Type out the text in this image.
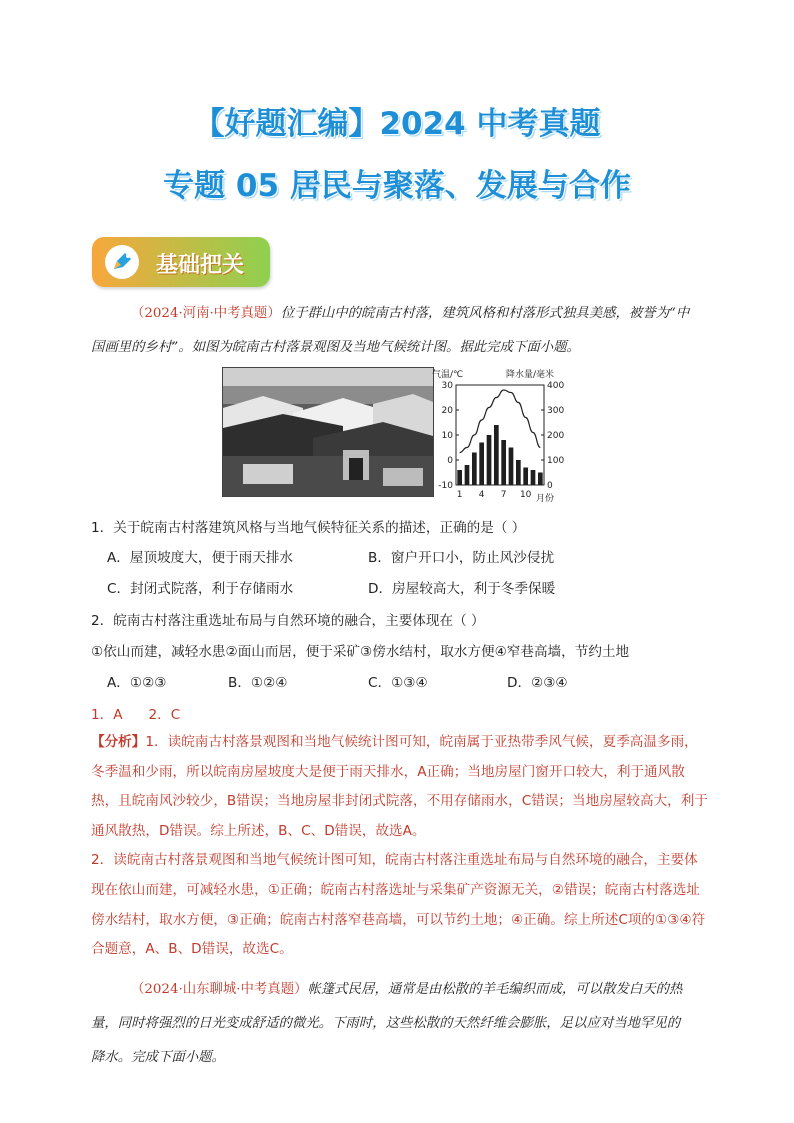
【好题汇编】2024 中考真题
专题 05 居民与聚落、发展与合作
基础把关
（2024·河南·中考真题）位于群山中的皖南古村落，建筑风格和村落形式独具美感，被誉为“中
国画里的乡村”。如图为皖南古村落景观图及当地气候统计图。据此完成下面小题。
气温/℃	降水量/毫米
30
20
10
0
-10
400
300
200
100
0
1 4 7 10 月份
1．关于皖南古村落建筑风格与当地气候特征关系的描述，正确的是（ ）
A．屋顶坡度大，便于雨天排水	B．窗户开口小，防止风沙侵扰
C．封闭式院落，利于存储雨水	D．房屋较高大，利于冬季保暖
2．皖南古村落注重选址布局与自然环境的融合，主要体现在（ ）
①依山而建，减轻水患②面山而居，便于采矿③傍水结村，取水方便④窄巷高墙，节约土地
A．①②③	B．①②④	C．①③④	D．②③④
1．A      2．C
【分析】1．读皖南古村落景观图和当地气候统计图可知，皖南属于亚热带季风气候，夏季高温多雨，冬季温和少雨，所以皖南房屋坡度大是便于雨天排水，A正确；当地房屋门窗开口较大，利于通风散热，且皖南风沙较少，B错误；当地房屋非封闭式院落，不用存储雨水，C错误；当地房屋较高大，利于通风散热，D错误。综上所述，B、C、D错误，故选A。
2．读皖南古村落景观图和当地气候统计图可知，皖南古村落注重选址布局与自然环境的融合，主要体现在依山而建，可减轻水患，①正确；皖南古村落选址与采集矿产资源无关，②错误；皖南古村落选址傍水结村，取水方便，③正确；皖南古村落窄巷高墙，可以节约土地；④正确。综上所述C项的①③④符合题意，A、B、D错误，故选C。
（2024·山东聊城·中考真题）帐篷式民居，通常是由松散的羊毛编织而成，可以散发白天的热
量，同时将强烈的日光变成舒适的微光。下雨时，这些松散的天然纤维会膨胀，足以应对当地罕见的
降水。完成下面小题。
